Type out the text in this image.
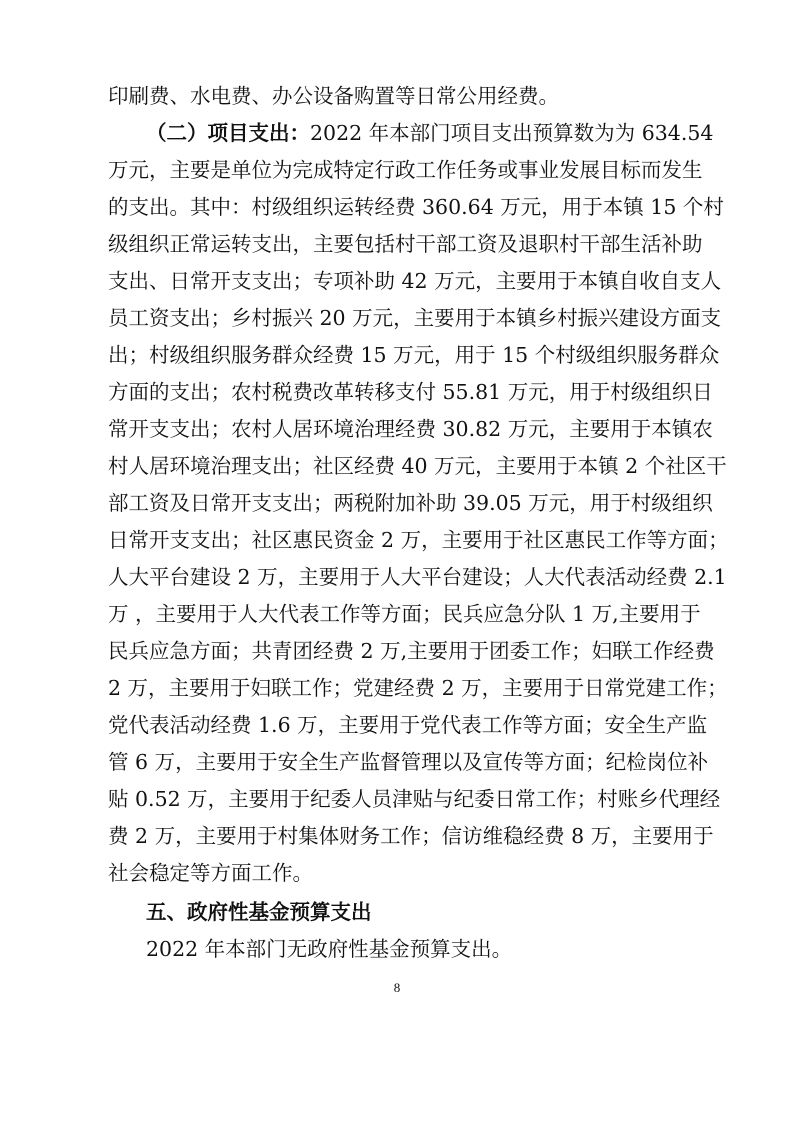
印刷费、水电费、办公设备购置等日常公用经费。
（二）项目支出：2022 年本部门项目支出预算数为为 634.54
万元，主要是单位为完成特定行政工作任务或事业发展目标而发生
的支出。其中：村级组织运转经费 360.64 万元，用于本镇 15 个村
级组织正常运转支出，主要包括村干部工资及退职村干部生活补助
支出、日常开支支出；专项补助 42 万元，主要用于本镇自收自支人
员工资支出；乡村振兴 20 万元，主要用于本镇乡村振兴建设方面支
出；村级组织服务群众经费 15 万元，用于 15 个村级组织服务群众
方面的支出；农村税费改革转移支付 55.81 万元，用于村级组织日
常开支支出；农村人居环境治理经费 30.82 万元，主要用于本镇农
村人居环境治理支出；社区经费 40 万元，主要用于本镇 2 个社区干
部工资及日常开支支出；两税附加补助 39.05 万元，用于村级组织
日常开支支出；社区惠民资金 2 万，主要用于社区惠民工作等方面；
人大平台建设 2 万，主要用于人大平台建设；人大代表活动经费 2.1
万 ，主要用于人大代表工作等方面；民兵应急分队 1 万,主要用于
民兵应急方面；共青团经费 2 万,主要用于团委工作；妇联工作经费
2 万，主要用于妇联工作；党建经费 2 万，主要用于日常党建工作；
党代表活动经费 1.6 万，主要用于党代表工作等方面；安全生产监
管 6 万，主要用于安全生产监督管理以及宣传等方面；纪检岗位补
贴 0.52 万，主要用于纪委人员津贴与纪委日常工作；村账乡代理经
费 2 万，主要用于村集体财务工作；信访维稳经费 8 万，主要用于
社会稳定等方面工作。
五、政府性基金预算支出
2022 年本部门无政府性基金预算支出。
8
